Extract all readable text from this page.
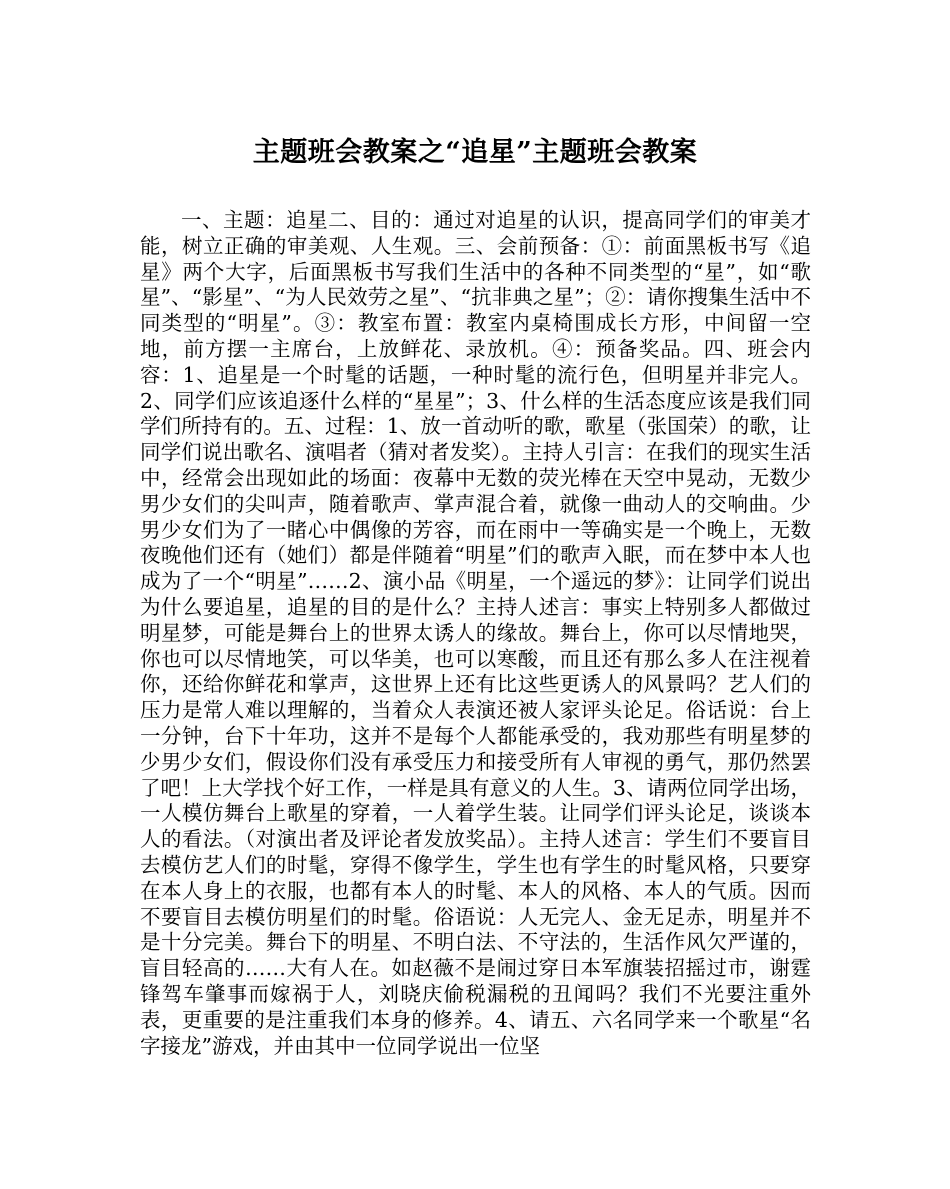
主题班会教案之“追星”主题班会教案

一、主题：追星二、目的：通过对追星的认识，提高同学们的审美才能，树立正确的审美观、人生观。三、会前预备：①：前面黑板书写《追星》两个大字，后面黑板书写我们生活中的各种不同类型的“星”，如“歌星”、“影星”、“为人民效劳之星”、“抗非典之星”；②：请你搜集生活中不同类型的“明星”。③：教室布置：教室内桌椅围成长方形，中间留一空地，前方摆一主席台，上放鲜花、录放机。④：预备奖品。四、班会内容：1、追星是一个时髦的话题，一种时髦的流行色，但明星并非完人。2、同学们应该追逐什么样的“星星”；3、什么样的生活态度应该是我们同学们所持有的。五、过程：1、放一首动听的歌，歌星（张国荣）的歌，让同学们说出歌名、演唱者（猜对者发奖）。主持人引言：在我们的现实生活中，经常会出现如此的场面：夜幕中无数的荧光棒在天空中晃动，无数少男少女们的尖叫声，随着歌声、掌声混合着，就像一曲动人的交响曲。少男少女们为了一睹心中偶像的芳容，而在雨中一等确实是一个晚上，无数夜晚他们还有（她们）都是伴随着“明星”们的歌声入眠，而在梦中本人也成为了一个“明星”……2、演小品《明星，一个遥远的梦》：让同学们说出为什么要追星，追星的目的是什么？主持人述言：事实上特别多人都做过明星梦，可能是舞台上的世界太诱人的缘故。舞台上，你可以尽情地哭，你也可以尽情地笑，可以华美，也可以寒酸，而且还有那么多人在注视着你，还给你鲜花和掌声，这世界上还有比这些更诱人的风景吗？艺人们的压力是常人难以理解的，当着众人表演还被人家评头论足。俗话说：台上一分钟，台下十年功，这并不是每个人都能承受的，我劝那些有明星梦的少男少女们，假设你们没有承受压力和接受所有人审视的勇气，那仍然罢了吧！上大学找个好工作，一样是具有意义的人生。3、请两位同学出场，一人模仿舞台上歌星的穿着，一人着学生装。让同学们评头论足，谈谈本人的看法。（对演出者及评论者发放奖品）。主持人述言：学生们不要盲目去模仿艺人们的时髦，穿得不像学生，学生也有学生的时髦风格，只要穿在本人身上的衣服，也都有本人的时髦、本人的风格、本人的气质。因而不要盲目去模仿明星们的时髦。俗语说：人无完人、金无足赤，明星并不是十分完美。舞台下的明星、不明白法、不守法的，生活作风欠严谨的，盲目轻高的……大有人在。如赵薇不是闹过穿日本军旗装招摇过市，谢霆锋驾车肇事而嫁祸于人，刘晓庆偷税漏税的丑闻吗？我们不光要注重外表，更重要的是注重我们本身的修养。4、请五、六名同学来一个歌星“名字接龙”游戏，并由其中一位同学说出一位坚
